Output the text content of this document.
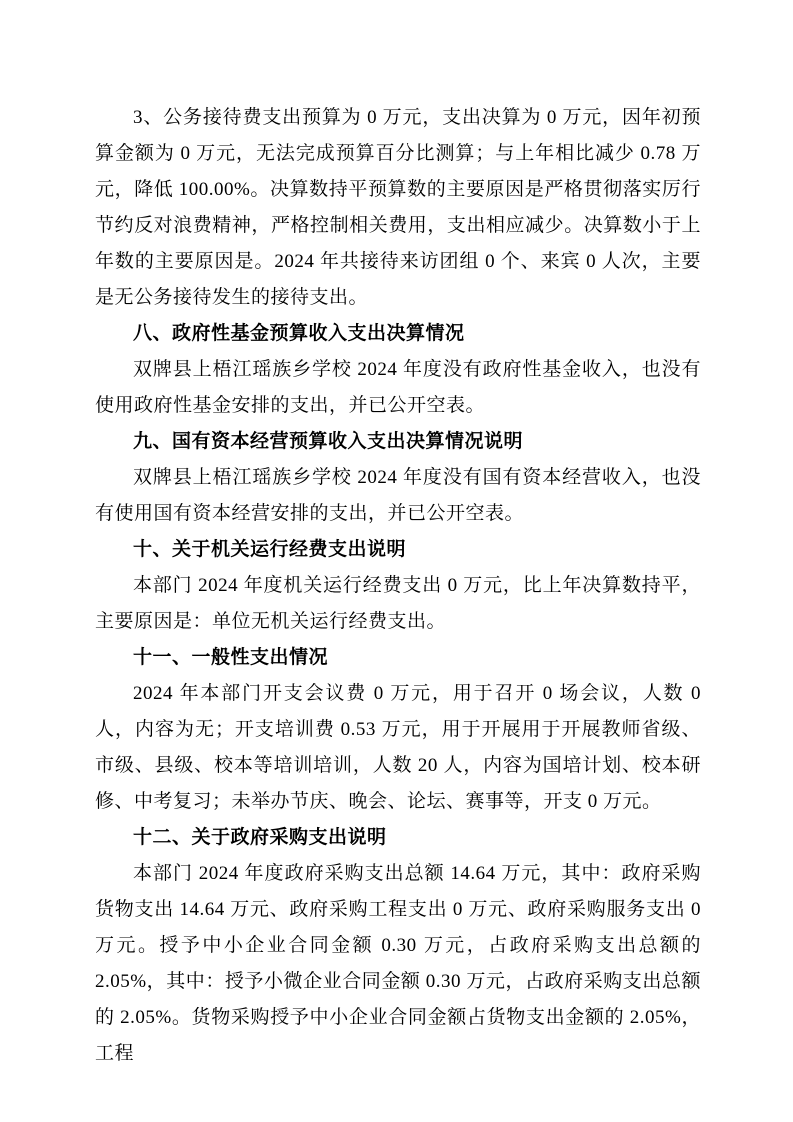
3、公务接待费支出预算为 0 万元，支出决算为 0 万元，因年初预算金额为 0 万元，无法完成预算百分比测算；与上年相比减少 0.78 万元，降低 100.00%。决算数持平预算数的主要原因是严格贯彻落实厉行节约反对浪费精神，严格控制相关费用，支出相应减少。决算数小于上年数的主要原因是。2024 年共接待来访团组 0 个、来宾 0 人次，主要是无公务接待发生的接待支出。

八、政府性基金预算收入支出决算情况

双牌县上梧江瑶族乡学校 2024 年度没有政府性基金收入，也没有使用政府性基金安排的支出，并已公开空表。

九、国有资本经营预算收入支出决算情况说明

双牌县上梧江瑶族乡学校 2024 年度没有国有资本经营收入，也没有使用国有资本经营安排的支出，并已公开空表。

十、关于机关运行经费支出说明

本部门 2024 年度机关运行经费支出 0 万元，比上年决算数持平，主要原因是：单位无机关运行经费支出。

十一、一般性支出情况

2024 年本部门开支会议费 0 万元，用于召开 0 场会议，人数 0 人，内容为无；开支培训费 0.53 万元，用于开展用于开展教师省级、市级、县级、校本等培训培训，人数 20 人，内容为国培计划、校本研修、中考复习；未举办节庆、晚会、论坛、赛事等，开支 0 万元。

十二、关于政府采购支出说明

本部门 2024 年度政府采购支出总额 14.64 万元，其中：政府采购货物支出 14.64 万元、政府采购工程支出 0 万元、政府采购服务支出 0 万元。授予中小企业合同金额 0.30 万元，占政府采购支出总额的 2.05%，其中：授予小微企业合同金额 0.30 万元，占政府采购支出总额的 2.05%。货物采购授予中小企业合同金额占货物支出金额的 2.05%，工程
